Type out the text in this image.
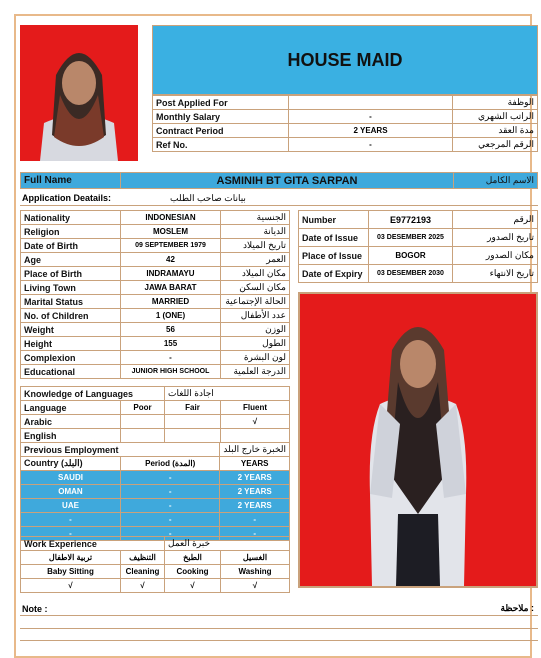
HOUSE MAID
Post Applied For		الوظفة
Monthly Salary	-	الراتب الشهري
Contract Period	2 YEARS	مدة العقد
Ref No.	-	الرقم المرجعي
Full Name	ASMINIH BT GITA SARPAN	الاسم الكامل
Application Deatails:	بيانات صاحب الطلب
Nationality	INDONESIAN	الجنسية
Religion	MOSLEM	الديانة
Date of Birth	09 SEPTEMBER 1979	تاريخ الميلاد
Age	42	العمر
Place of Birth	INDRAMAYU	مكان الميلاد
Living Town	JAWA BARAT	مكان السكن
Marital Status	MARRIED	الحالة الإجتماعية
No. of Children	1 (ONE)	عدد الأطفال
Weight	56	الوزن
Height	155	الطول
Complexion	-	لون البشرة
Educational	JUNIOR HIGH SCHOOL	الدرجة العلمية
Number	E9772193	الرقم
Date of Issue	03 DESEMBER 2025	تاريخ الصدور
Place of Issue	BOGOR	مكان الصدور
Date of Expiry	03 DESEMBER 2030	تاريخ الانتهاء
Knowledge of Languages		اجادة اللغات	
Language	Poor	Fair	Fluent
Arabic			√
English			
Previous Employment		الخبرة خارج البلد
Country (البلد)	Period (المدة)	YEARS
SAUDI	-	2 YEARS
OMAN	-	2 YEARS
UAE	-	2 YEARS
-	-	-
-	-	-
Work Experience		خبرة العمل	
تربية الاطفال	التنظيف	الطبخ	الغسيل
Baby Sitting	Cleaning	Cooking	Washing
√	√	√	√
Note :	ملاحظة :
